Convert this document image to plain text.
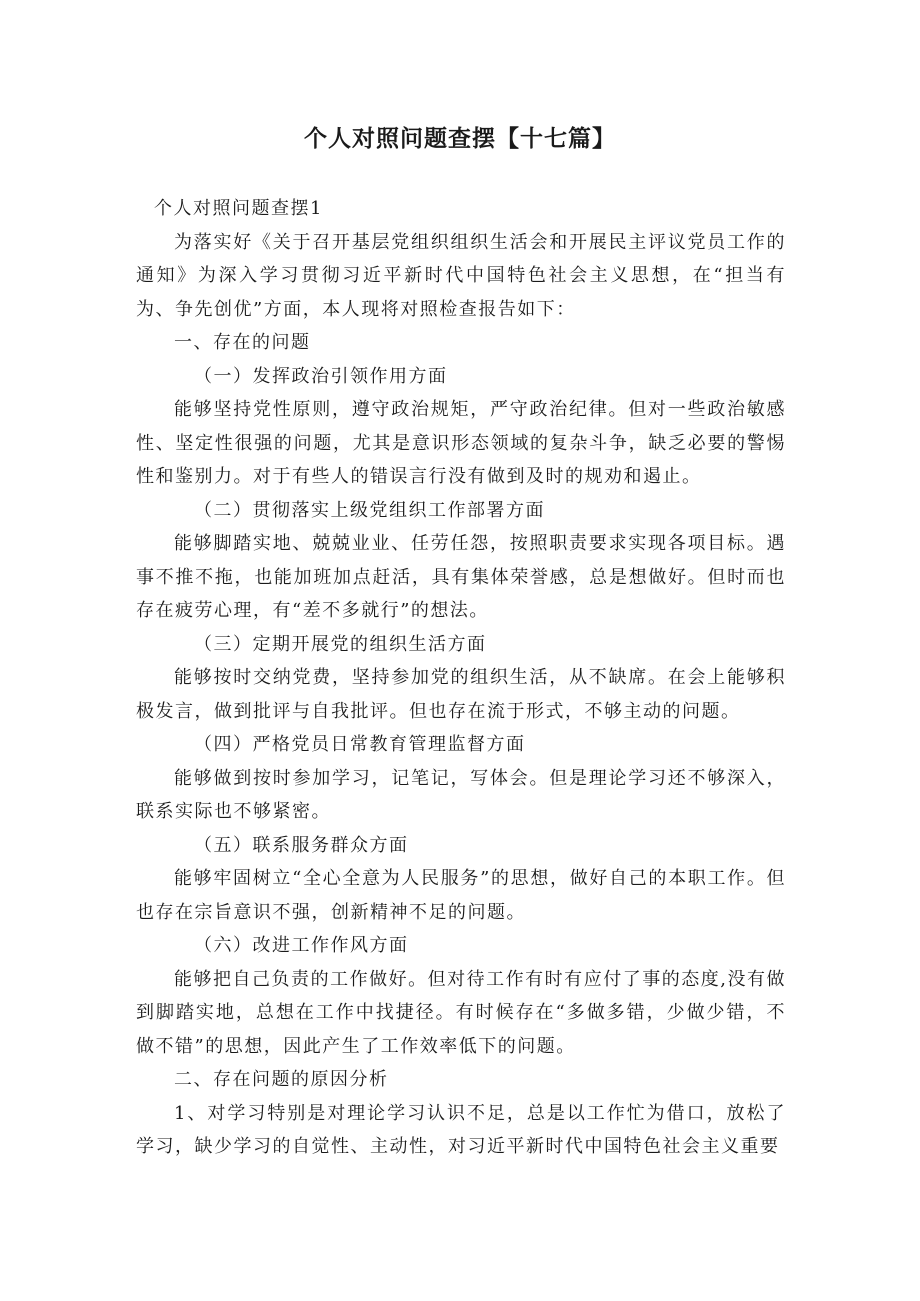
个人对照问题查摆【十七篇】

个人对照问题查摆1

为落实好《关于召开基层党组织组织生活会和开展民主评议党员工作的通知》为深入学习贯彻习近平新时代中国特色社会主义思想，在“担当有为、争先创优”方面，本人现将对照检查报告如下：

一、存在的问题

（一）发挥政治引领作用方面

能够坚持党性原则，遵守政治规矩，严守政治纪律。但对一些政治敏感性、坚定性很强的问题，尤其是意识形态领域的复杂斗争，缺乏必要的警惕性和鉴别力。对于有些人的错误言行没有做到及时的规劝和遏止。

（二）贯彻落实上级党组织工作部署方面

能够脚踏实地、兢兢业业、任劳任怨，按照职责要求实现各项目标。遇事不推不拖，也能加班加点赶活，具有集体荣誉感，总是想做好。但时而也存在疲劳心理，有“差不多就行”的想法。

（三）定期开展党的组织生活方面

能够按时交纳党费，坚持参加党的组织生活，从不缺席。在会上能够积极发言，做到批评与自我批评。但也存在流于形式，不够主动的问题。

（四）严格党员日常教育管理监督方面

能够做到按时参加学习，记笔记，写体会。但是理论学习还不够深入，联系实际也不够紧密。

（五）联系服务群众方面

能够牢固树立“全心全意为人民服务”的思想，做好自己的本职工作。但也存在宗旨意识不强，创新精神不足的问题。

（六）改进工作作风方面

能够把自己负责的工作做好。但对待工作有时有应付了事的态度,没有做到脚踏实地，总想在工作中找捷径。有时候存在“多做多错，少做少错，不做不错”的思想，因此产生了工作效率低下的问题。

二、存在问题的原因分析

1、对学习特别是对理论学习认识不足，总是以工作忙为借口，放松了学习，缺少学习的自觉性、主动性，对习近平新时代中国特色社会主义重要
